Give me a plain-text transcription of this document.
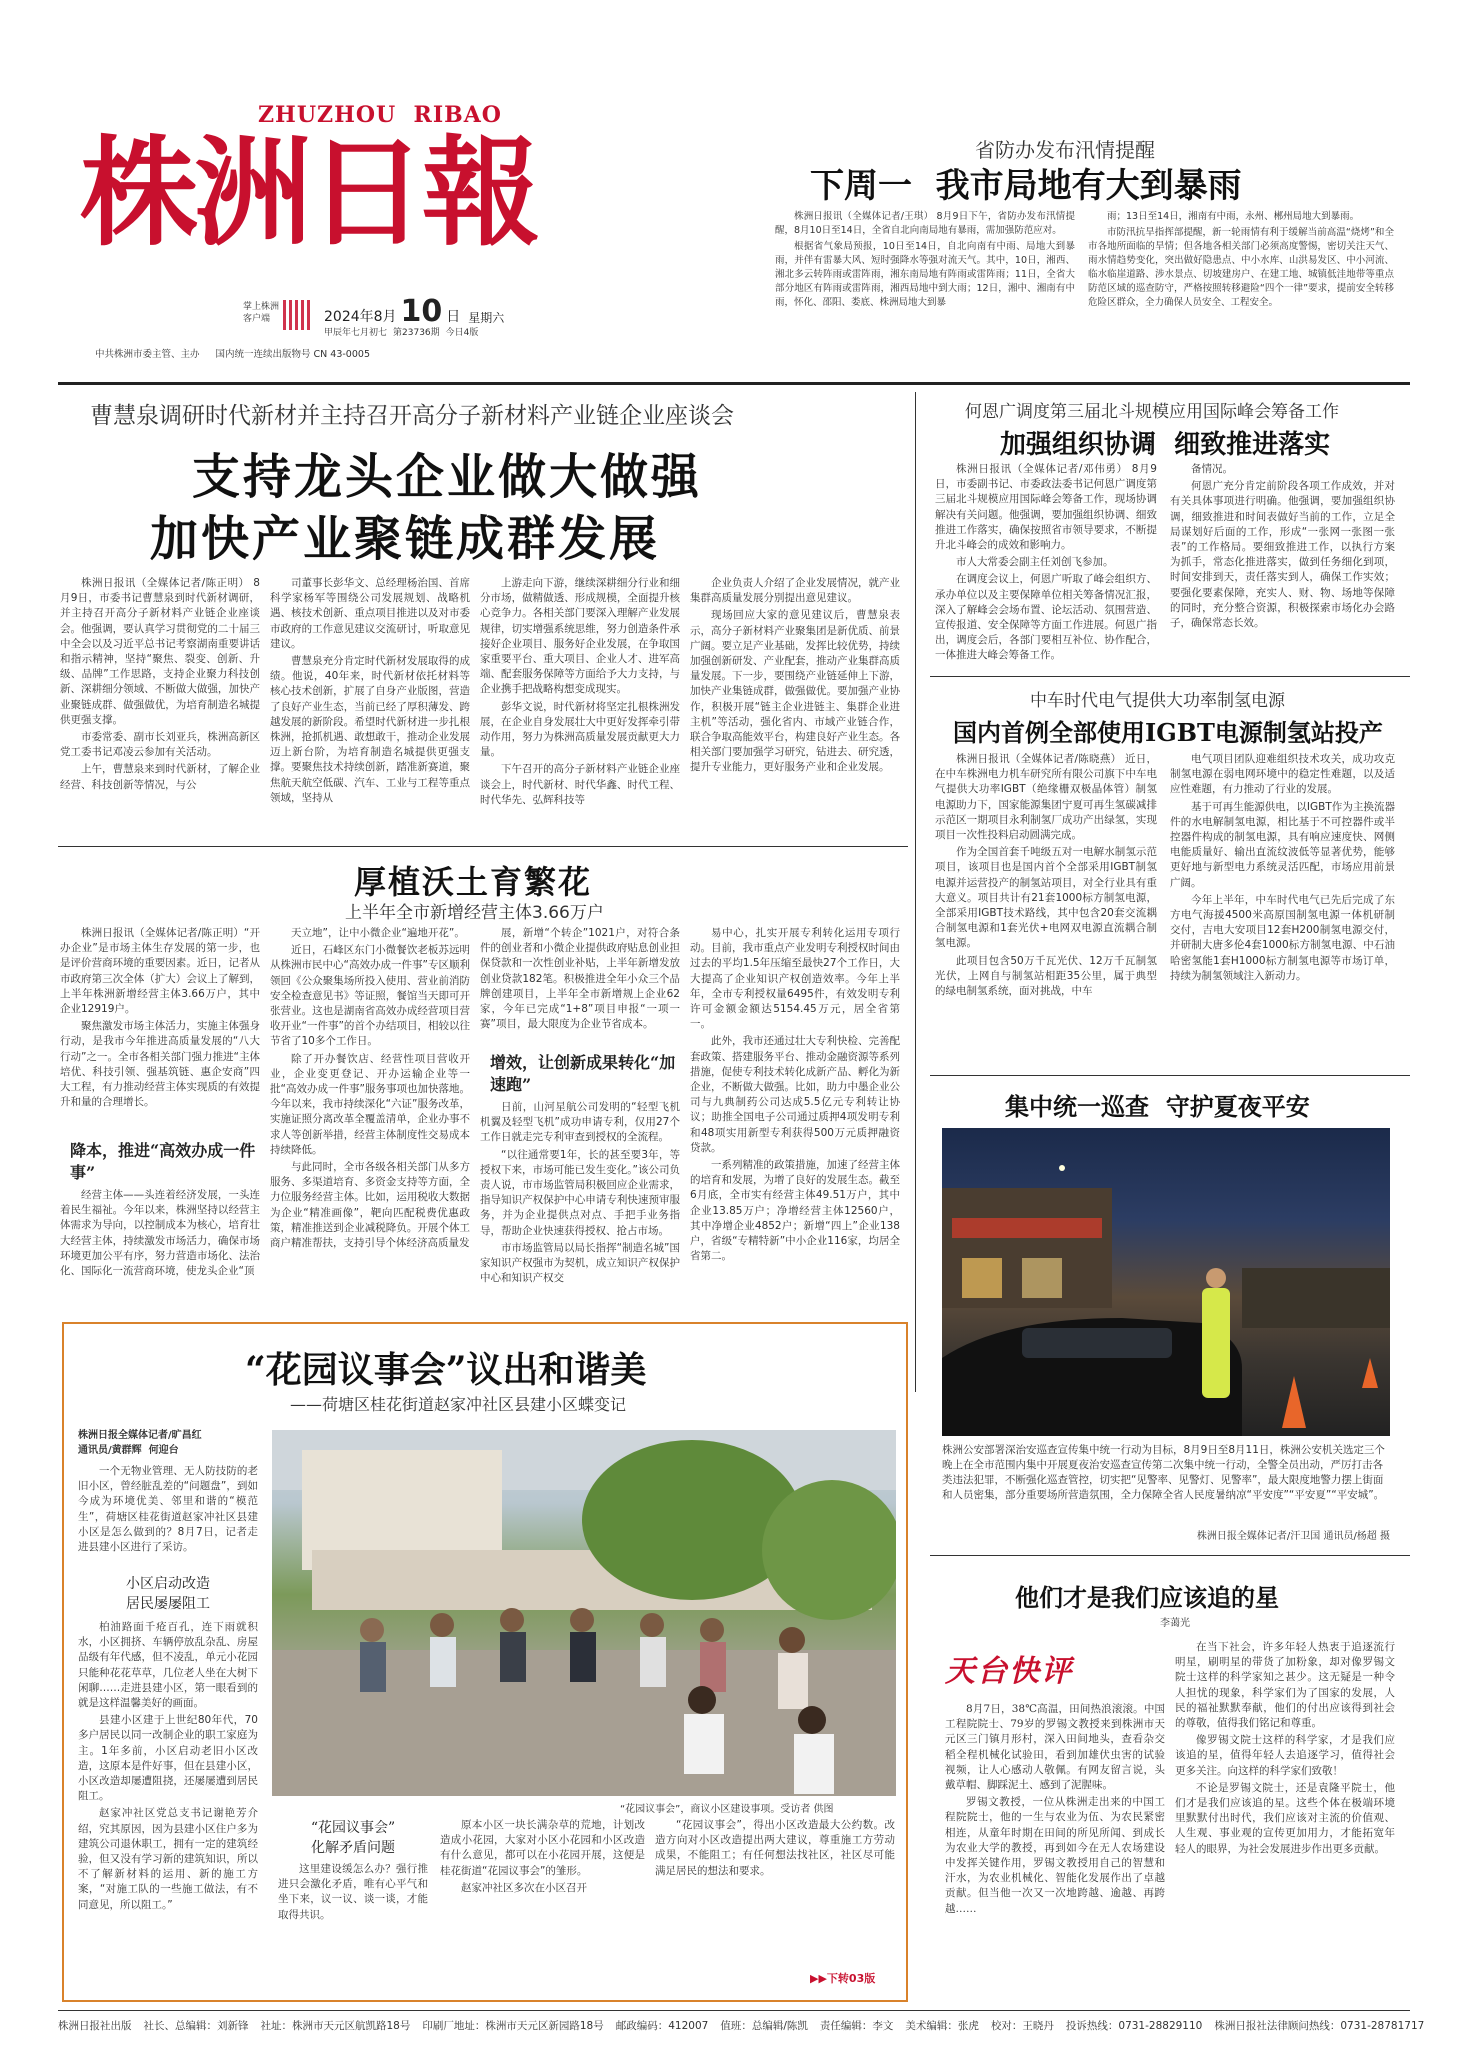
ZHUZHOU  RIBAO
株洲日報
掌上株洲
客户端	2024年8月 10 日 星期六
甲辰年七月初七 第23736期 今日4版
中共株洲市委主管、主办 国内统一连续出版物号 CN 43-0005
省防办发布汛情提醒
下周一  我市局地有大到暴雨

株洲日报讯（全媒体记者/王琪） 8月9日下午，省防办发布汛情提醒，8月10日至14日，全省自北向南局地有暴雨，需加强防范应对。

根据省气象局预报，10日至14日，自北向南有中雨、局地大到暴雨，并伴有雷暴大风、短时强降水等强对流天气。其中，10日，湘西、湘北多云转阵雨或雷阵雨，湘东南局地有阵雨或雷阵雨；11日，全省大部分地区有阵雨或雷阵雨，湘西局地中到大雨；12日，湘中、湘南有中雨，怀化、邵阳、娄底、株洲局地大到暴

雨；13日至14日，湘南有中雨，永州、郴州局地大到暴雨。

市防汛抗旱指挥部提醒，新一轮雨情有利于缓解当前高温“烧烤”和全市各地所面临的旱情；但各地各相关部门必须高度警惕，密切关注天气、雨水情趋势变化，突出做好隐患点、中小水库、山洪易发区、中小河流、临水临崖道路、涉水景点、切坡建房户、在建工地、城镇低洼地带等重点防范区域的巡查防守，严格按照转移避险“四个一律”要求，提前安全转移危险区群众，全力确保人员安全、工程安全。

曹慧泉调研时代新材并主持召开高分子新材料产业链企业座谈会
支持龙头企业做大做强
加快产业聚链成群发展

株洲日报讯（全媒体记者/陈正明） 8月9日，市委书记曹慧泉到时代新材调研，并主持召开高分子新材料产业链企业座谈会。他强调，要认真学习贯彻党的二十届三中全会以及习近平总书记考察湖南重要讲话和指示精神，坚持“聚焦、裂变、创新、升级、品牌”工作思路，支持企业聚力科技创新、深耕细分领域、不断做大做强，加快产业聚链成群、做强做优，为培育制造名城提供更强支撑。

市委常委、副市长刘亚兵，株洲高新区党工委书记邓凌云参加有关活动。

上午，曹慧泉来到时代新材，了解企业经营、科技创新等情况，与公

司董事长彭华文、总经理杨治国、首席科学家杨军等围绕公司发展规划、战略机遇、核技术创新、重点项目推进以及对市委市政府的工作意见建议交流研讨，听取意见建议。

曹慧泉充分肯定时代新材发展取得的成绩。他说，40年来，时代新材依托材料等核心技术创新，扩展了自身产业版图，营造了良好产业生态，当前已经了厚积薄发、跨越发展的新阶段。希望时代新材进一步扎根株洲，抢抓机遇、敢想敢干，推动企业发展迈上新台阶，为培育制造名城提供更强支撑。要聚焦技术持续创新，踏准新赛道，聚焦航天航空低碳、汽车、工业与工程等重点领域，坚持从

上游走向下游，继续深耕细分行业和细分市场，做精做透、形成规模，全面提升核心竞争力。各相关部门要深入理解产业发展规律，切实增强系统思维，努力创造条件承接好企业项目、服务好企业发展，在争取国家重要平台、重大项目、企业人才、进军高端、配套服务保障等方面给予大力支持，与企业携手把战略构想变成现实。

彭华文说，时代新材将坚定扎根株洲发展，在企业自身发展壮大中更好发挥牵引带动作用，努力为株洲高质量发展贡献更大力量。

下午召开的高分子新材料产业链企业座谈会上，时代新材、时代华鑫、时代工程、时代华先、弘辉科技等

企业负责人介绍了企业发展情况，就产业集群高质量发展分别提出意见建议。

现场回应大家的意见建议后，曹慧泉表示，高分子新材料产业聚集团是新优质、前景广阔。要立足产业基础，发挥比较优势，持续加强创新研发、产业配套，推动产业集群高质量发展。下一步，要围绕产业链延伸上下游，加快产业集链成群，做强做优。要加强产业协作，积极开展“链主企业进链主、集群企业进主机”等活动，强化省内、市域产业链合作，联合争取高能效平台，构建良好产业生态。各相关部门要加强学习研究，钻进去、研究透，提升专业能力，更好服务产业和企业发展。

厚植沃土育繁花
上半年全市新增经营主体3.66万户

株洲日报讯（全媒体记者/陈正明）“开办企业”是市场主体生存发展的第一步，也是评价营商环境的重要因素。近日，记者从市政府第三次全体（扩大）会议上了解到，上半年株洲新增经营主体3.66万户，其中企业12919户。

聚焦激发市场主体活力，实施主体强身行动，是我市今年推进高质量发展的“八大行动”之一。全市各相关部门强力推进“主体培优、科技引领、强基筑链、惠企安商”四大工程，有力推动经营主体实现质的有效提升和量的合理增长。

降本，推进“高效办成一件事”

经营主体——头连着经济发展，一头连着民生福祉。今年以来，株洲坚持以经营主体需求为导向，以控制成本为核心，培育壮大经营主体，持续激发市场活力，确保市场环境更加公平有序，努力营造市场化、法治化、国际化一流营商环境，使龙头企业“顶

天立地”，让中小微企业“遍地开花”。

近日，石峰区东门小微餐饮老板苏远明从株洲市民中心“高效办成一件事”专区顺利领回《公众聚集场所投入使用、营业前消防安全检查意见书》等证照，餐馆当天即可开张营业。这也是湖南省高效办成经营项目营收开业“一件事”的首个办结项目，相较以往节省了10多个工作日。

除了开办餐饮店、经营性项目营收开业，企业变更登记、开办运输企业等一批“高效办成一件事”服务事项也加快落地。今年以来，我市持续深化“六证”服务改革，实施证照分离改革全覆盖清单，企业办事不求人等创新举措，经营主体制度性交易成本持续降低。

与此同时，全市各级各相关部门从多方服务、多渠道培育、多资金支持等方面，全力位服务经营主体。比如，运用税收大数据为企业“精准画像”，靶向匹配税费优惠政策，精准推送到企业减税降负。开展个体工商户精准帮扶，支持引导个体经济高质量发

展，新增“个转企”1021户，对符合条件的创业者和小微企业提供政府贴息创业担保贷款和一次性创业补贴，上半年新增发放创业贷款182笔。积极推进全年小众三个品牌创建项目，上半年全市新增规上企业62家，今年已完成“1+8”项目申报“一项一赛”项目，最大限度为企业节省成本。

增效，让创新成果转化“加速跑”

日前，山河星航公司发明的“轻型飞机机翼及轻型飞机”成功申请专利，仅用27个工作日就走完专利审查到授权的全流程。

“以往通常要1年，长的甚至要3年，等授权下来，市场可能已发生变化。”该公司负责人说，市市场监管局积极回应企业需求，指导知识产权保护中心申请专利快速预审服务，并为企业提供点对点、手把手业务指导，帮助企业快速获得授权、抢占市场。

市市场监管局以局长指挥“制造名城”国家知识产权强市为契机，成立知识产权保护中心和知识产权交

易中心，扎实开展专利转化运用专项行动。目前，我市重点产业发明专利授权时间由过去的平均1.5年压缩至最快27个工作日，大大提高了企业知识产权创造效率。今年上半年，全市专利授权量6495件，有效发明专利许可金额金额达5154.45万元，居全省第一。

此外，我市还通过壮大专利快检、完善配套政策、搭建服务平台、推动金融资源等系列措施，促使专利技术转化成新产品、孵化为新企业，不断做大做强。比如，助力中墨企业公司与九典制药公司达成5.5亿元专利转让协议；助推全国电子公司通过质押4项发明专利和48项实用新型专利获得500万元质押融资贷款。

一系列精准的政策措施，加速了经营主体的培育和发展，为增了良好的发展生态。截至6月底，全市实有经营主体49.51万户，其中企业13.85万户；净增经营主体12560户，其中净增企业4852户；新增“四上”企业138户，省级“专精特新”中小企业116家，均居全省第二。

何恩广调度第三届北斗规模应用国际峰会筹备工作
加强组织协调  细致推进落实

株洲日报讯（全媒体记者/邓伟勇） 8月9日，市委副书记、市委政法委书记何恩广调度第三届北斗规模应用国际峰会筹备工作，现场协调解决有关问题。他强调，要加强组织协调、细致推进工作落实，确保按照省市领导要求，不断提升北斗峰会的成效和影响力。

市人大常委会副主任刘创飞参加。

在调度会议上，何恩广听取了峰会组织方、承办单位以及主要保障单位相关筹备情况汇报，深入了解峰会会场布置、论坛活动、氛围营造、宣传报道、安全保障等方面工作进展。何恩广指出，调度会后，各部门要相互补位、协作配合，一体推进大峰会筹备工作。

备情况。

何恩广充分肯定前阶段各项工作成效，并对有关具体事项进行明确。他强调，要加强组织协调，细致推进和时间表做好当前的工作，立足全局谋划好后面的工作，形成“一张网一张图一张表”的工作格局。要细致推进工作，以执行方案为抓手，常态化推进落实，做到任务细化到项，时间安排到天，责任落实到人，确保工作实效；要强化要素保障，充实人、财、物、场地等保障的同时，充分整合资源，积极探索市场化办会路子，确保常态长效。

中车时代电气提供大功率制氢电源
国内首例全部使用IGBT电源制氢站投产

株洲日报讯（全媒体记者/陈晓燕） 近日，在中车株洲电力机车研究所有限公司旗下中车电气提供大功率IGBT（绝缘栅双极晶体管）制氢电源助力下，国家能源集团宁夏可再生氢碳减排示范区一期项目永利制氢厂成功产出绿氢，实现项目一次性投料启动圆满完成。

作为全国首套千吨级五对一电解水制氢示范项目，该项目也是国内首个全部采用IGBT制氢电源并运营投产的制氢站项目，对全行业具有重大意义。项目共计有21套1000标方制氢电源，全部采用IGBT技术路线，其中包含20套交流耦合制氢电源和1套光伏+电网双电源直流耦合制氢电源。

此项目包含50万千瓦光伏、12万千瓦制氢光伏，上网自与制氢站相距35公里，属于典型的绿电制氢系统，面对挑战，中车

电气项目团队迎难组织技术攻关，成功攻克制氢电源在弱电网环境中的稳定性难题，以及适应性难题，有力推动了行业的发展。

基于可再生能源供电，以IGBT作为主换流器件的水电解制氢电源，相比基于不可控器件或半控器件构成的制氢电源，具有响应速度快、网侧电能质量好、输出直流纹波低等显著优势，能够更好地与新型电力系统灵活匹配，市场应用前景广阔。

今年上半年，中车时代电气已先后完成了东方电气海援4500米高原国制氢电源一体机研制交付，吉电大安项目12套H200制氢电源交付，并研制大唐多伦4套1000标方制氢电源、中石油哈密氢能1套H1000标方制氢电源等市场订单，持续为制氢领域注入新动力。

集中统一巡查  守护夏夜平安
株洲公安部署深治安巡查宣传集中统一行动为目标，8月9日至8月11日，株洲公安机关选定三个晚上在全市范围内集中开展夏夜治安巡查宣传第二次集中统一行动，全警全员出动，严厉打击各类违法犯罪，不断强化巡查管控，切实把“见警率、见警灯、见警率”，最大限度地警力摆上街面和人员密集，部分重要场所营造氛围，全力保障全省人民度暑纳凉“平安度”“平安夏”“平安城”。
株洲日报全媒体记者/汗卫国 通讯员/杨超 摄
“花园议事会”议出和谐美
——荷塘区桂花街道赵家冲社区县建小区蝶变记
株洲日报全媒体记者/旷昌红
通讯员/黄群辉  何迎台

一个无物业管理、无人防技防的老旧小区，曾经脏乱差的“问题盘”，到如今成为环境优美、邻里和谐的“模范生”，荷塘区桂花街道赵家冲社区县建小区是怎么做到的？8月7日，记者走进县建小区进行了采访。

小区启动改造
居民屡屡阻工

柏油路面千疮百孔，连下雨就积水，小区拥挤、车辆停放乱杂乱、房屋品级有年代感，但不凌乱，单元小花园只能种花花草草，几位老人坐在大树下闲聊……走进县建小区，第一眼看到的就是这样温馨美好的画面。

县建小区建于上世纪80年代，70多户居民以同一改制企业的职工家庭为主。1年多前，小区启动老旧小区改造，这原本是件好事，但在县建小区，小区改造却屡遭阻挠，还屡屡遭到居民阻工。

赵家冲社区党总支书记谢艳芳介绍，究其原因，因为县建小区住户多为建筑公司退休职工，拥有一定的建筑经验，但又没有学习新的建筑知识，所以不了解新材料的运用、新的施工方案，“对施工队的一些施工做法，有不同意见，所以阻工。”

“花园议事会”，商议小区建设事项。受访者 供图
“花园议事会”
化解矛盾问题

这里建设缓怎么办？强行推进只会激化矛盾，唯有心平气和坐下来，议一议、谈一谈，才能取得共识。

原本小区一块长满杂草的荒地，计划改造成小花园，大家对小区小花园和小区改造有什么意见，都可以在小花园开展，这便是桂花街道“花园议事会”的雏形。

赵家冲社区多次在小区召开

“花园议事会”，得出小区改造最大公约数。改造方向对小区改造提出两大建议，尊重施工方劳动成果，不能阻工；有任何想法找社区，社区尽可能满足居民的想法和要求。

▶▶下转03版
他们才是我们应该追的星
李蔼光
天台快评

8月7日，38℃高温，田间热浪滚滚。中国工程院院士、79岁的罗锡文教授来到株洲市天元区三门镇月形村，深入田间地头，查看杂交稻全程机械化试验田，看到加雄伏虫害的试验视频，让人心感动人敬佩。有网友留言说，头戴草帽、脚踩泥土、感到了泥腥味。

罗锡文教授，一位从株洲走出来的中国工程院院士，他的一生与农业为伍、为农民紧密相连，从童年时期在田间的所见所闻、到成长为农业大学的教授，再到如今在无人农场建设中发挥关键作用，罗锡文教授用自己的智慧和汗水，为农业机械化、智能化发展作出了卓越贡献。但当他一次又一次地跨越、逾越、再跨越……

在当下社会，许多年轻人热衷于追逐流行明星，刷明星的带货了加粉象，却对像罗锡文院士这样的科学家知之甚少。这无疑是一种令人担忧的现象，科学家们为了国家的发展，人民的福祉默默奉献，他们的付出应该得到社会的尊敬，值得我们铭记和尊重。

像罗锡文院士这样的科学家，才是我们应该追的星，值得年轻人去追逐学习，值得社会更多关注。向这样的科学家们致敬！

不论是罗锡文院士，还是袁隆平院士，他们才是我们应该追的星。这些个体在极端环境里默默付出时代，我们应该对主流的价值观、人生观、事业观的宣传更加用力，才能拓宽年轻人的眼界，为社会发展进步作出更多贡献。

株洲日报社出版 社长、总编辑：刘新锋 社址：株洲市天元区航凯路18号 印刷厂地址：株洲市天元区新园路18号 邮政编码：412007 值班：总编辑/陈凯 责任编辑：李文 美术编辑：张虎 校对：王晓丹 投诉热线：0731-28829110 株洲日报社法律顾问热线：0731-28781717
